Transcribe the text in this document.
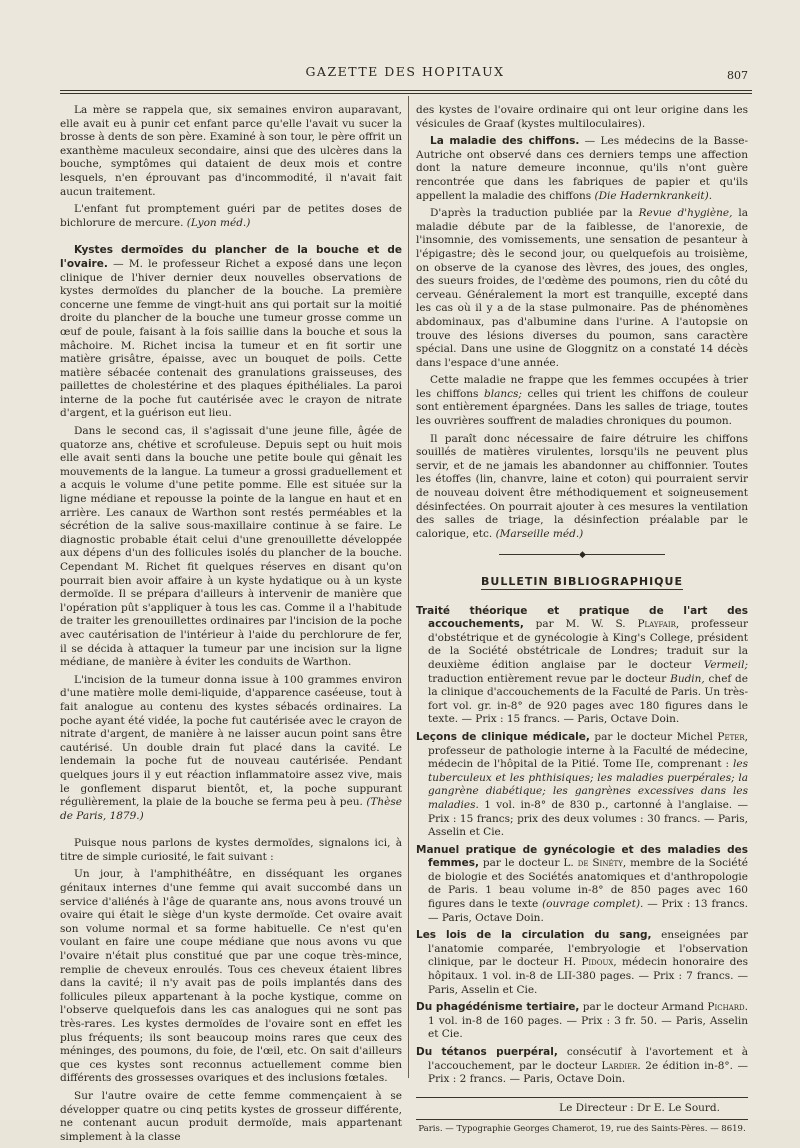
GAZETTE DES HOPITAUX	807

La mère se rappela que, six semaines environ auparavant, elle avait eu à punir cet enfant parce qu'elle l'avait vu sucer la brosse à dents de son père. Examiné à son tour, le père offrit un exanthème maculeux secondaire, ainsi que des ulcères dans la bouche, symptômes qui dataient de deux mois et contre lesquels, n'en éprouvant pas d'incommodité, il n'avait fait aucun traitement.

L'enfant fut promptement guéri par de petites doses de bichlorure de mercure. (Lyon méd.)

Kystes dermoïdes du plancher de la bouche et de l'ovaire. — M. le professeur Richet a exposé dans une leçon clinique de l'hiver dernier deux nouvelles observations de kystes dermoïdes du plancher de la bouche. La première concerne une femme de vingt-huit ans qui portait sur la moitié droite du plancher de la bouche une tumeur grosse comme un œuf de poule, faisant à la fois saillie dans la bouche et sous la mâchoire. M. Richet incisa la tumeur et en fit sortir une matière grisâtre, épaisse, avec un bouquet de poils. Cette matière sébacée contenait des granulations graisseuses, des paillettes de cholestérine et des plaques épithéliales. La paroi interne de la poche fut cautérisée avec le crayon de nitrate d'argent, et la guérison eut lieu.

Dans le second cas, il s'agissait d'une jeune fille, âgée de quatorze ans, chétive et scrofuleuse. Depuis sept ou huit mois elle avait senti dans la bouche une petite boule qui gênait les mouvements de la langue. La tumeur a grossi graduellement et a acquis le volume d'une petite pomme. Elle est située sur la ligne médiane et repousse la pointe de la langue en haut et en arrière. Les canaux de Warthon sont restés perméables et la sécrétion de la salive sous-maxillaire continue à se faire. Le diagnostic probable était celui d'une grenouillette développée aux dépens d'un des follicules isolés du plancher de la bouche. Cependant M. Richet fit quelques réserves en disant qu'on pourrait bien avoir affaire à un kyste hydatique ou à un kyste dermoïde. Il se prépara d'ailleurs à intervenir de manière que l'opération pût s'appliquer à tous les cas. Comme il a l'habitude de traiter les grenouillettes ordinaires par l'incision de la poche avec cautérisation de l'intérieur à l'aide du perchlorure de fer, il se décida à attaquer la tumeur par une incision sur la ligne médiane, de manière à éviter les conduits de Warthon.

L'incision de la tumeur donna issue à 100 grammes environ d'une matière molle demi-liquide, d'apparence caséeuse, tout à fait analogue au contenu des kystes sébacés ordinaires. La poche ayant été vidée, la poche fut cautérisée avec le crayon de nitrate d'argent, de manière à ne laisser aucun point sans être cautérisé. Un double drain fut placé dans la cavité. Le lendemain la poche fut de nouveau cautérisée. Pendant quelques jours il y eut réaction inflammatoire assez vive, mais le gonflement disparut bientôt, et, la poche suppurant régulièrement, la plaie de la bouche se ferma peu à peu. (Thèse de Paris, 1879.)

Puisque nous parlons de kystes dermoïdes, signalons ici, à titre de simple curiosité, le fait suivant :

Un jour, à l'amphithéâtre, en disséquant les organes génitaux internes d'une femme qui avait succombé dans un service d'aliénés à l'âge de quarante ans, nous avons trouvé un ovaire qui était le siège d'un kyste dermoïde. Cet ovaire avait son volume normal et sa forme habituelle. Ce n'est qu'en voulant en faire une coupe médiane que nous avons vu que l'ovaire n'était plus constitué que par une coque très-mince, remplie de cheveux enroulés. Tous ces cheveux étaient libres dans la cavité; il n'y avait pas de poils implantés dans des follicules pileux appartenant à la poche kystique, comme on l'observe quelquefois dans les cas analogues qui ne sont pas très-rares. Les kystes dermoïdes de l'ovaire sont en effet les plus fréquents; ils sont beaucoup moins rares que ceux des méninges, des poumons, du foie, de l'œil, etc. On sait d'ailleurs que ces kystes sont reconnus actuellement comme bien différents des grossesses ovariques et des inclusions fœtales.

Sur l'autre ovaire de cette femme commençaient à se développer quatre ou cinq petits kystes de grosseur différente, ne contenant aucun produit dermoïde, mais appartenant simplement à la classe

des kystes de l'ovaire ordinaire qui ont leur origine dans les vésicules de Graaf (kystes multiloculaires).

La maladie des chiffons. — Les médecins de la Basse-Autriche ont observé dans ces derniers temps une affection dont la nature demeure inconnue, qu'ils n'ont guère rencontrée que dans les fabriques de papier et qu'ils appellent la maladie des chiffons (Die Hadernkrankeit).

D'après la traduction publiée par la Revue d'hygiène, la maladie débute par de la faiblesse, de l'anorexie, de l'insomnie, des vomissements, une sensation de pesanteur à l'épigastre; dès le second jour, ou quelquefois au troisième, on observe de la cyanose des lèvres, des joues, des ongles, des sueurs froides, de l'œdème des poumons, rien du côté du cerveau. Généralement la mort est tranquille, excepté dans les cas où il y a de la stase pulmonaire. Pas de phénomènes abdominaux, pas d'albumine dans l'urine. A l'autopsie on trouve des lésions diverses du poumon, sans caractère spécial. Dans une usine de Gloggnitz on a constaté 14 décès dans l'espace d'une année.

Cette maladie ne frappe que les femmes occupées à trier les chiffons blancs; celles qui trient les chiffons de couleur sont entièrement épargnées. Dans les salles de triage, toutes les ouvrières souffrent de maladies chroniques du poumon.

Il paraît donc nécessaire de faire détruire les chiffons souillés de matières virulentes, lorsqu'ils ne peuvent plus servir, et de ne jamais les abandonner au chiffonnier. Toutes les étoffes (lin, chanvre, laine et coton) qui pourraient servir de nouveau doivent être méthodiquement et soigneusement désinfectées. On pourrait ajouter à ces mesures la ventilation des salles de triage, la désinfection préalable par le calorique, etc. (Marseille méd.)

◆
BULLETIN BIBLIOGRAPHIQUE

Traité théorique et pratique de l'art des accouchements, par M. W. S. Playfair, professeur d'obstétrique et de gynécologie à King's College, président de la Société obstétricale de Londres; traduit sur la deuxième édition anglaise par le docteur Vermeil; traduction entièrement revue par le docteur Budin, chef de la clinique d'accouchements de la Faculté de Paris. Un très-fort vol. gr. in-8° de 920 pages avec 180 figures dans le texte. — Prix : 15 francs. — Paris, Octave Doin.

Leçons de clinique médicale, par le docteur Michel Peter, professeur de pathologie interne à la Faculté de médecine, médecin de l'hôpital de la Pitié. Tome IIe, comprenant : les tuberculeux et les phthisiques; les maladies puerpérales; la gangrène diabétique; les gangrènes excessives dans les maladies. 1 vol. in-8° de 830 p., cartonné à l'anglaise. — Prix : 15 francs; prix des deux volumes : 30 francs. — Paris, Asselin et Cie.

Manuel pratique de gynécologie et des maladies des femmes, par le docteur L. de Sinéty, membre de la Société de biologie et des Sociétés anatomiques et d'anthropologie de Paris. 1 beau volume in-8° de 850 pages avec 160 figures dans le texte (ouvrage complet). — Prix : 13 francs. — Paris, Octave Doin.

Les lois de la circulation du sang, enseignées par l'anatomie comparée, l'embryologie et l'observation clinique, par le docteur H. Pidoux, médecin honoraire des hôpitaux. 1 vol. in-8 de LII-380 pages. — Prix : 7 francs. — Paris, Asselin et Cie.

Du phagédénisme tertiaire, par le docteur Armand Pichard. 1 vol. in-8 de 160 pages. — Prix : 3 fr. 50. — Paris, Asselin et Cie.

Du tétanos puerpéral, consécutif à l'avortement et à l'accouchement, par le docteur Lardier. 2e édition in-8°. — Prix : 2 francs. — Paris, Octave Doin.

Le Directeur : Dr E. Le Sourd.
Paris. — Typographie Georges Chamerot, 19, rue des Saints-Pères. — 8619.
